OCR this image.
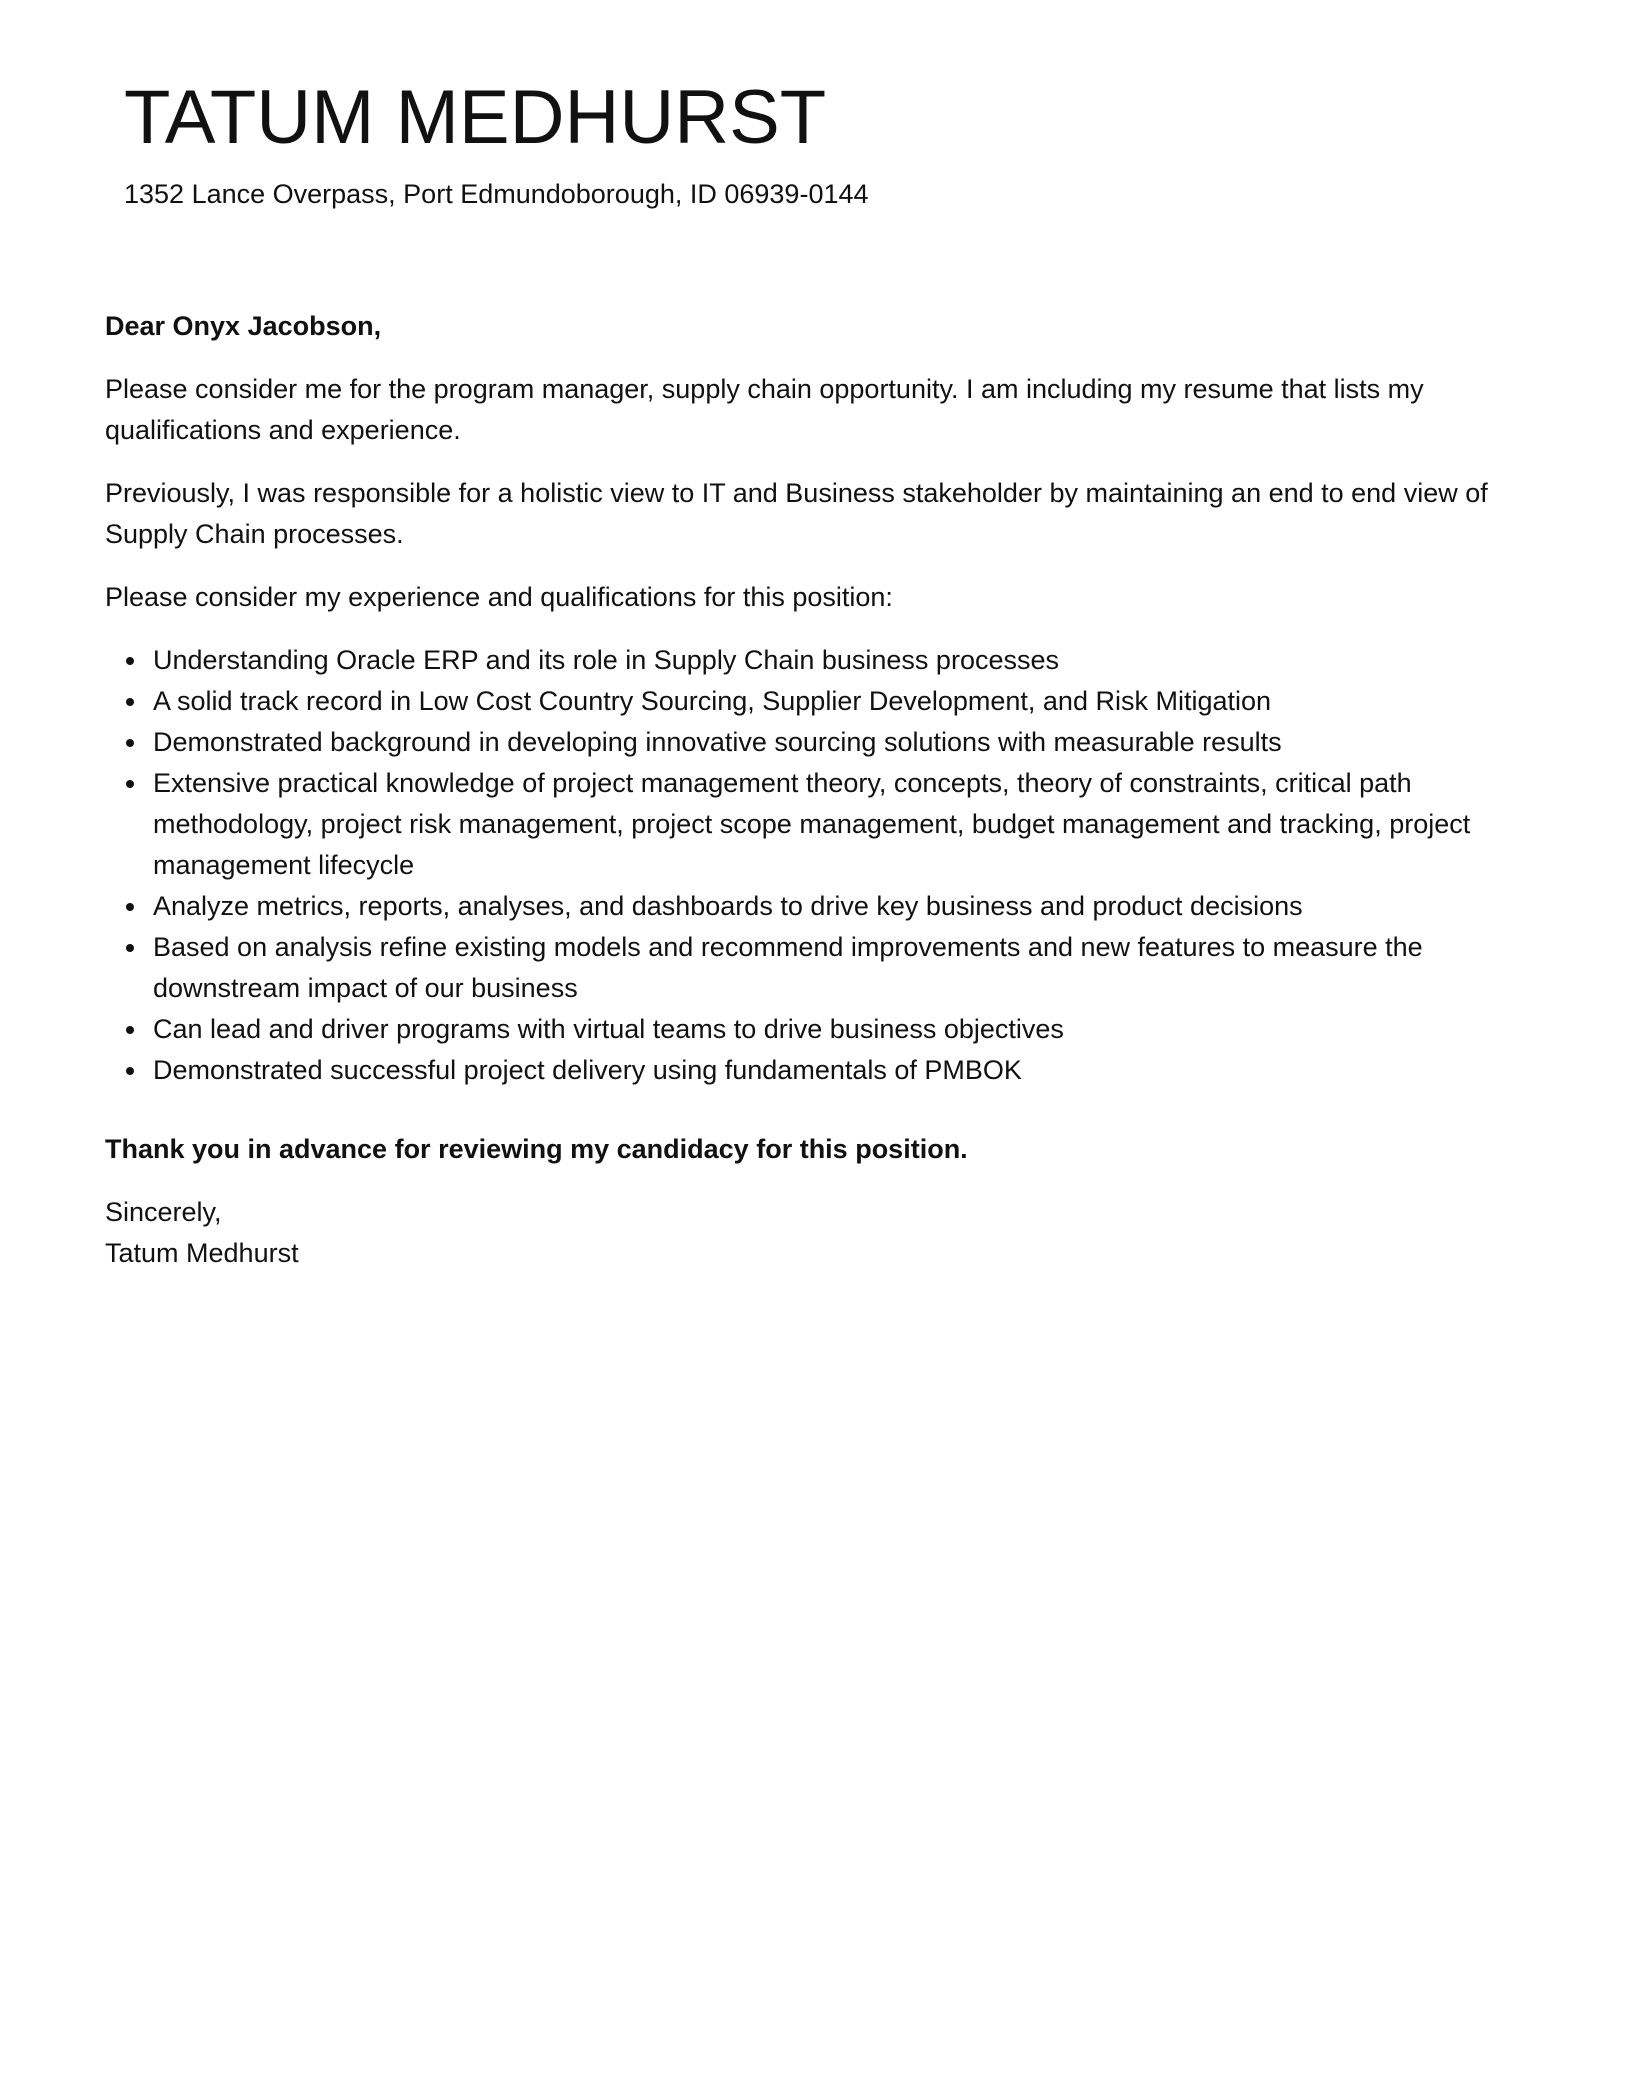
TATUM MEDHURST

1352 Lance Overpass, Port Edmundoborough, ID 06939-0144

Dear Onyx Jacobson,

Please consider me for the program manager, supply chain opportunity. I am including my resume that lists my qualifications and experience.

Previously, I was responsible for a holistic view to IT and Business stakeholder by maintaining an end to end view of Supply Chain processes.

Please consider my experience and qualifications for this position:

Understanding Oracle ERP and its role in Supply Chain business processes
A solid track record in Low Cost Country Sourcing, Supplier Development, and Risk Mitigation
Demonstrated background in developing innovative sourcing solutions with measurable results
Extensive practical knowledge of project management theory, concepts, theory of constraints, critical path methodology, project risk management, project scope management, budget management and tracking, project management lifecycle
Analyze metrics, reports, analyses, and dashboards to drive key business and product decisions
Based on analysis refine existing models and recommend improvements and new features to measure the downstream impact of our business
Can lead and driver programs with virtual teams to drive business objectives
Demonstrated successful project delivery using fundamentals of PMBOK

Thank you in advance for reviewing my candidacy for this position.

Sincerely,

Tatum Medhurst
